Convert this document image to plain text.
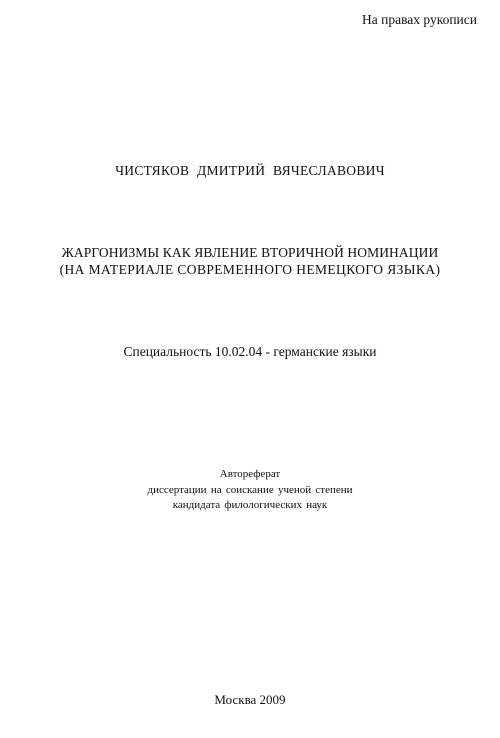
На правах рукописи
ЧИСТЯКОВ ДМИТРИЙ ВЯЧЕСЛАВОВИЧ
ЖАРГОНИЗМЫ КАК ЯВЛЕНИЕ ВТОРИЧНОЙ НОМИНАЦИИ
(НА МАТЕРИАЛЕ СОВРЕМЕННОГО НЕМЕЦКОГО ЯЗЫКА)
Специальность 10.02.04 - германские языки
Автореферат
диссертации на соискание ученой степени
кандидата филологических наук
Москва 2009
